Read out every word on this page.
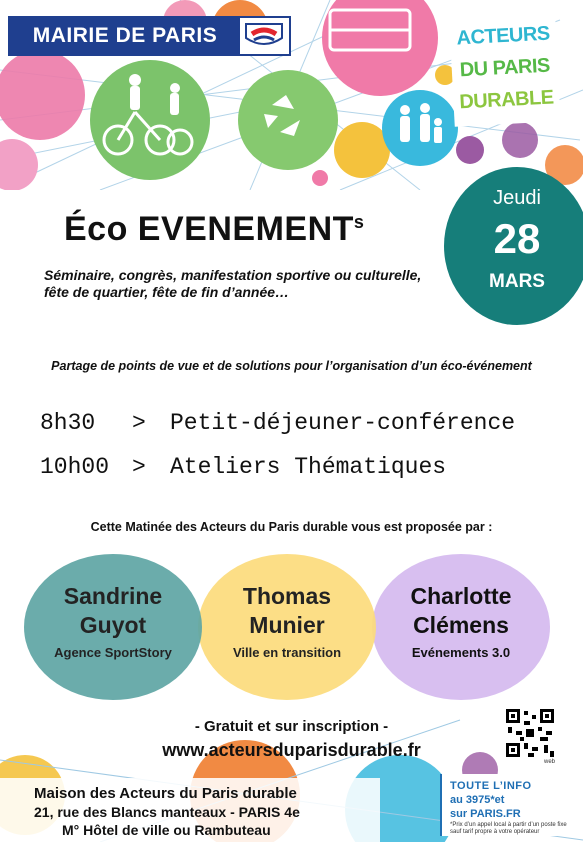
MAIRIE DE PARIS	ACTEURS
DU PARIS
DURABLE
Jeudi
28
MARS
Éco EVENEMENT$^s$
Séminaire, congrès, manifestation sportive ou culturelle,
fête de quartier, fête de fin d’année…
Partage de points de vue et de solutions pour l’organisation d’un éco-événement
8h30 > Petit-déjeuner-conférence
10h00 > Ateliers Thématiques
Cette Matinée des Acteurs du Paris durable vous est proposée par :
Charlotte
Clémens
Evénements 3.0
Thomas
Munier
Ville en transition
Sandrine
Guyot
Agence SportStory
- Gratuit et sur inscription -
www.acteursduparisdurable.fr
Maison des Acteurs du Paris durable
21, rue des Blancs manteaux - PARIS 4e
M° Hôtel de ville ou Rambuteau
web
TOUTE L’INFO
au 3975*et
sur PARIS.FR
*Prix d’un appel local à partir d’un poste fixe sauf tarif propre à votre opérateur
